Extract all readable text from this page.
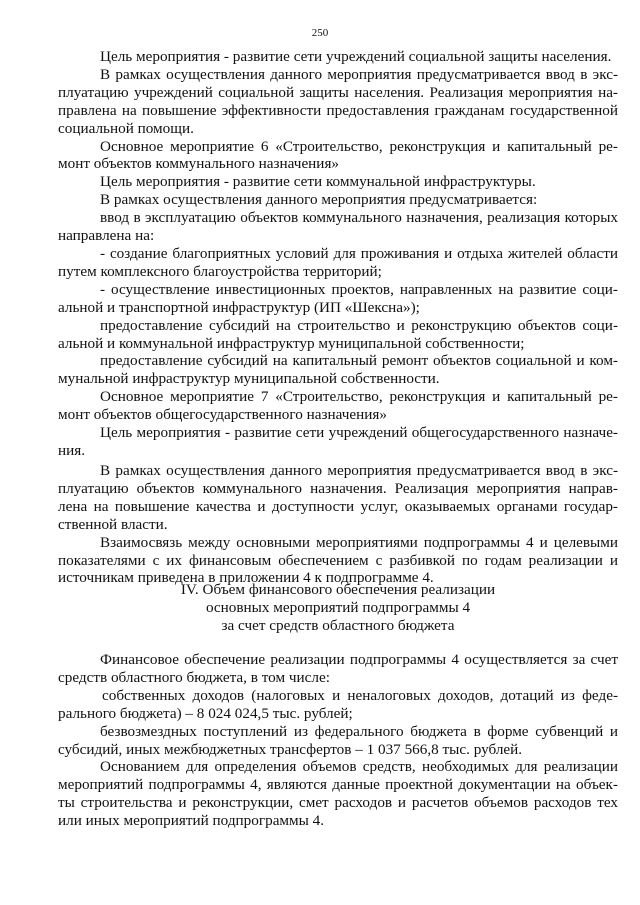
250
Цель мероприятия - развитие сети учреждений социальной защиты населения.
В рамках осуществления данного мероприятия предусматривается ввод в экс-
плуатацию учреждений социальной защиты населения. Реализация мероприятия на-
правлена на повышение эффективности предоставления гражданам государственной
социальной помощи.
Основное мероприятие 6 «Строительство, реконструкция и капитальный ре-
монт объектов коммунального назначения»
Цель мероприятия - развитие сети коммунальной инфраструктуры.
В рамках осуществления данного мероприятия предусматривается:
ввод в эксплуатацию объектов коммунального назначения, реализация которых
направлена на:
- создание благоприятных условий для проживания и отдыха жителей области
путем комплексного благоустройства территорий;
- осуществление инвестиционных проектов, направленных на развитие соци-
альной и транспортной инфраструктур (ИП «Шексна»);
предоставление субсидий на строительство и реконструкцию объектов соци-
альной и коммунальной инфраструктур муниципальной собственности;
предоставление субсидий на капитальный ремонт объектов социальной и ком-
мунальной инфраструктур муниципальной собственности.
Основное мероприятие 7 «Строительство, реконструкция и капитальный ре-
монт объектов общегосударственного назначения»
Цель мероприятия - развитие сети учреждений общегосударственного назначе-
ния.
В рамках осуществления данного мероприятия предусматривается ввод в экс-
плуатацию объектов коммунального назначения. Реализация мероприятия направ-
лена на повышение качества и доступности услуг, оказываемых органами государ-
ственной власти.
Взаимосвязь между основными мероприятиями подпрограммы 4 и целевыми
показателями с их финансовым обеспечением с разбивкой по годам реализации и
источникам приведена в приложении 4 к подпрограмме 4.
IV. Объем финансового обеспечения реализации
основных мероприятий подпрограммы 4
за счет средств областного бюджета
Финансовое обеспечение реализации подпрограммы 4 осуществляется за счет
средств областного бюджета, в том числе:
собственных доходов (налоговых и неналоговых доходов, дотаций из феде-
рального бюджета) – 8 024 024,5 тыс. рублей;
безвозмездных поступлений из федерального бюджета в форме субвенций и
субсидий, иных межбюджетных трансфертов – 1 037 566,8 тыс. рублей.
Основанием для определения объемов средств, необходимых для реализации
мероприятий подпрограммы 4, являются данные проектной документации на объек-
ты строительства и реконструкции, смет расходов и расчетов объемов расходов тех
или иных мероприятий подпрограммы 4.
